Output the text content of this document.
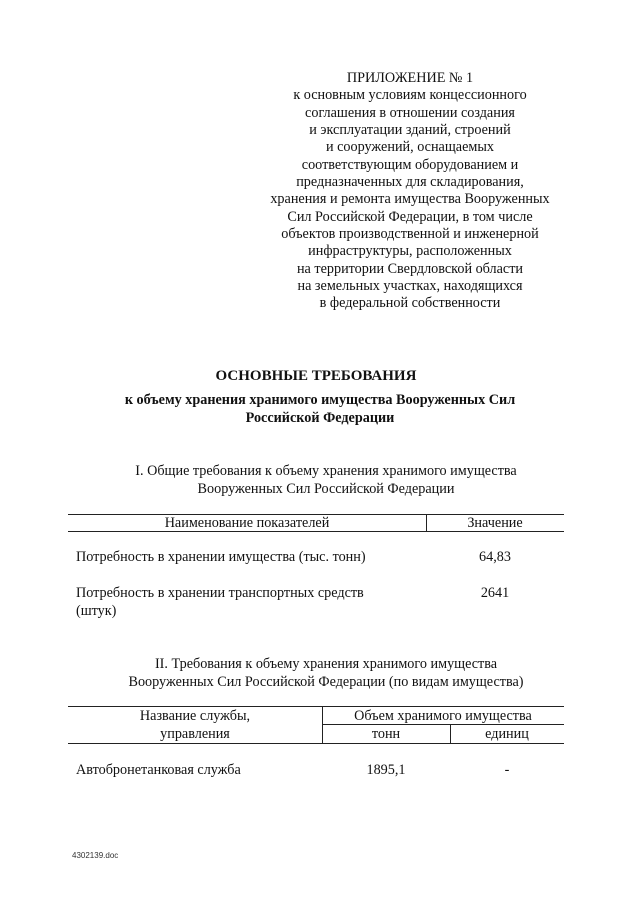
ПРИЛОЖЕНИЕ № 1
к основным условиям концессионного
соглашения в отношении создания
и эксплуатации зданий, строений
и сооружений, оснащаемых
соответствующим оборудованием и
предназначенных для складирования,
хранения и ремонта имущества Вооруженных
Сил Российской Федерации, в том числе
объектов производственной и инженерной
инфраструктуры, расположенных
на территории Свердловской области
на земельных участках, находящихся
в федеральной собственности
ОСНОВНЫЕ ТРЕБОВАНИЯ
к объему хранения хранимого имущества Вооруженных Сил
Российской Федерации
I. Общие требования к объему хранения хранимого имущества
Вооруженных Сил Российской Федерации
Наименование показателей	Значение
Потребность в хранении имущества (тыс. тонн)	64,83
Потребность в хранении транспортных средств
(штук)
2641
II. Требования к объему хранения хранимого имущества
Вооруженных Сил Российской Федерации (по видам имущества)
Название службы,
управления
Объем хранимого имущества
тонн	единиц
Автобронетанковая служба	1895,1	-
4302139.doc
